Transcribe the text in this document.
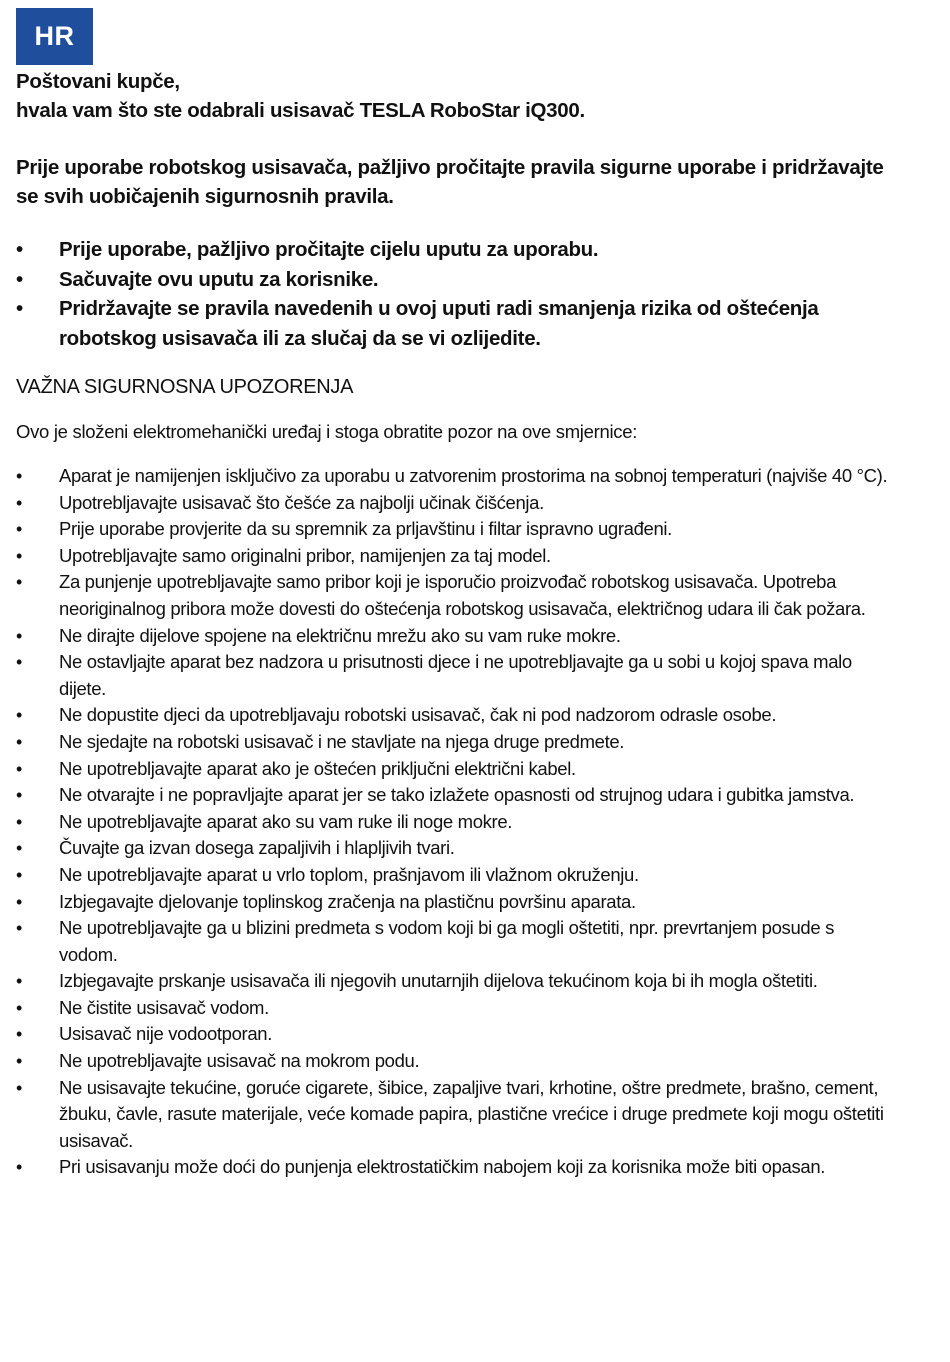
HR
Poštovani kupče,
hvala vam što ste odabrali usisavač TESLA RoboStar iQ300.
Prije uporabe robotskog usisavača, pažljivo pročitajte pravila sigurne uporabe i pridržavajte se svih uobičajenih sigurnosnih pravila.
•	Prije uporabe, pažljivo pročitajte cijelu uputu za uporabu.
•	Sačuvajte ovu uputu za korisnike.
•	Pridržavajte se pravila navedenih u ovoj uputi radi smanjenja rizika od oštećenja robotskog usisavača ili za slučaj da se vi ozlijedite.
VAŽNA SIGURNOSNA UPOZORENJA
Ovo je složeni elektromehanički uređaj i stoga obratite pozor na ove smjernice:
•	Aparat je namijenjen isključivo za uporabu u zatvorenim prostorima na sobnoj temperaturi (najviše 40 °C).
•	Upotrebljavajte usisavač što češće za najbolji učinak čišćenja.
•	Prije uporabe provjerite da su spremnik za prljavštinu i filtar ispravno ugrađeni.
•	Upotrebljavajte samo originalni pribor, namijenjen za taj model.
•	Za punjenje upotrebljavajte samo pribor koji je isporučio proizvođač robotskog usisavača. Upotreba neoriginalnog pribora može dovesti do oštećenja robotskog usisavača, električnog udara ili čak požara.
•	Ne dirajte dijelove spojene na električnu mrežu ako su vam ruke mokre.
•	Ne ostavljajte aparat bez nadzora u prisutnosti djece i ne upotrebljavajte ga u sobi u kojoj spava malo dijete.
•	Ne dopustite djeci da upotrebljavaju robotski usisavač, čak ni pod nadzorom odrasle osobe.
•	Ne sjedajte na robotski usisavač i ne stavljate na njega druge predmete.
•	Ne upotrebljavajte aparat ako je oštećen priključni električni kabel.
•	Ne otvarajte i ne popravljajte aparat jer se tako izlažete opasnosti od strujnog udara i gubitka jamstva.
•	Ne upotrebljavajte aparat ako su vam ruke ili noge mokre.
•	Čuvajte ga izvan dosega zapaljivih i hlapljivih tvari.
•	Ne upotrebljavajte aparat u vrlo toplom, prašnjavom ili vlažnom okruženju.
•	Izbjegavajte djelovanje toplinskog zračenja na plastičnu površinu aparata.
•	Ne upotrebljavajte ga u blizini predmeta s vodom koji bi ga mogli oštetiti, npr. prevrtanjem posude s vodom.
•	Izbjegavajte prskanje usisavača ili njegovih unutarnjih dijelova tekućinom koja bi ih mogla oštetiti.
•	Ne čistite usisavač vodom.
•	Usisavač nije vodootporan.
•	Ne upotrebljavajte usisavač na mokrom podu.
•	Ne usisavajte tekućine, goruće cigarete, šibice, zapaljive tvari, krhotine, oštre predmete, brašno, cement, žbuku, čavle, rasute materijale, veće komade papira, plastične vrećice i druge predmete koji mogu oštetiti usisavač.
•	Pri usisavanju može doći do punjenja elektrostatičkim nabojem koji za korisnika može biti opasan.
